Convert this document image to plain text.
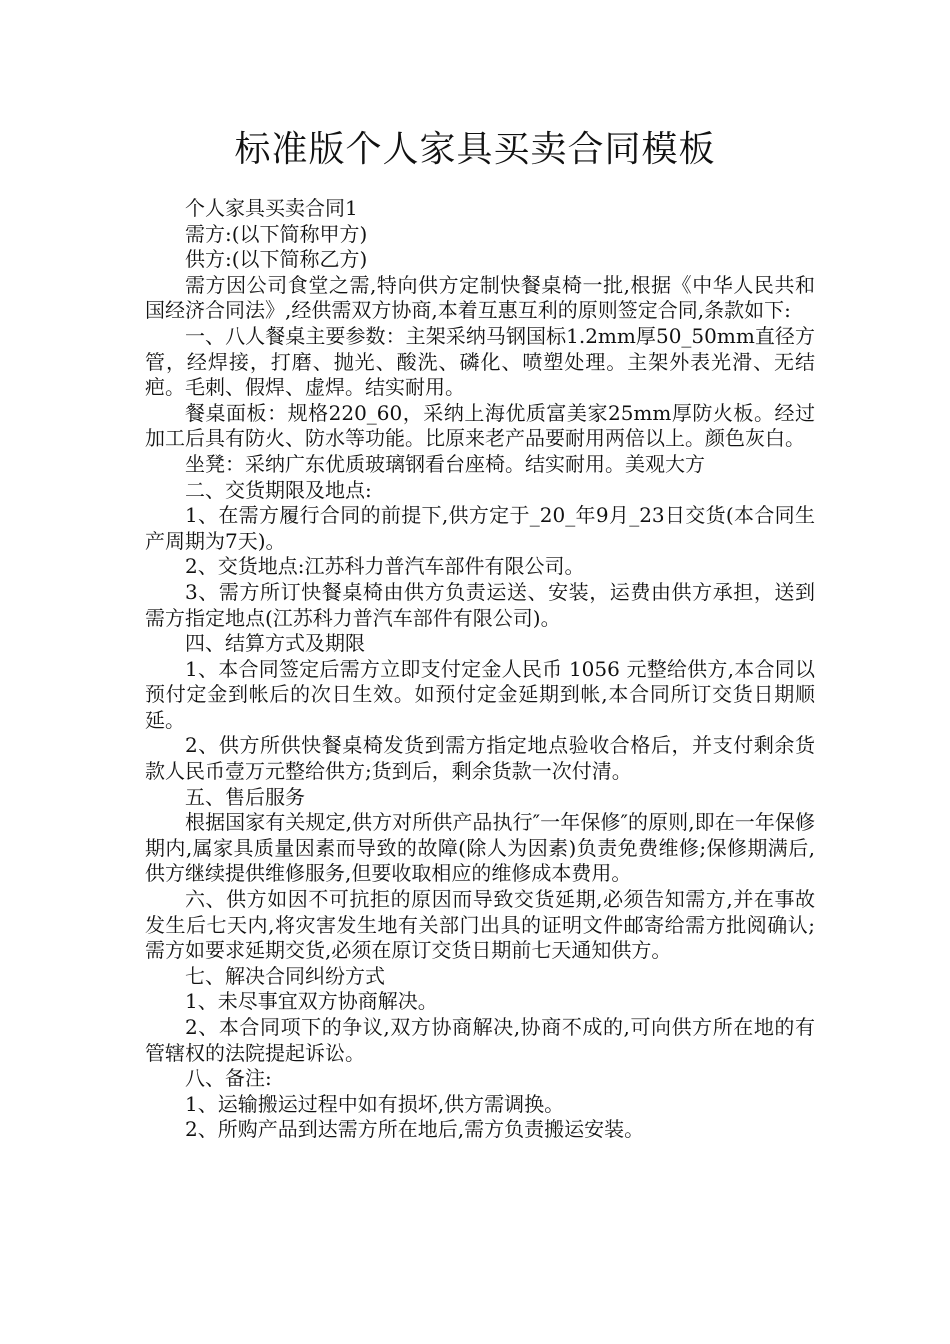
标准版个人家具买卖合同模板

个人家具买卖合同1

需方:(以下简称甲方)

供方:(以下简称乙方)

需方因公司食堂之需,特向供方定制快餐桌椅一批,根据《中华人民共和国经济合同法》,经供需双方协商,本着互惠互利的原则签定合同,条款如下:

一、八人餐桌主要参数：主架采纳马钢国标1.2mm厚50_50mm直径方管，经焊接，打磨、抛光、酸洗、磷化、喷塑处理。主架外表光滑、无结疤。毛刺、假焊、虚焊。结实耐用。

餐桌面板：规格220_60，采纳上海优质富美家25mm厚防火板。经过加工后具有防火、防水等功能。比原来老产品要耐用两倍以上。颜色灰白。

坐凳：采纳广东优质玻璃钢看台座椅。结实耐用。美观大方

二、交货期限及地点:

1、在需方履行合同的前提下,供方定于_20_年9月_23日交货(本合同生产周期为7天)。

2、交货地点:江苏科力普汽车部件有限公司。

3、需方所订快餐桌椅由供方负责运送、安装，运费由供方承担，送到需方指定地点(江苏科力普汽车部件有限公司)。

四、结算方式及期限

1、本合同签定后需方立即支付定金人民币 1056 元整给供方,本合同以预付定金到帐后的次日生效。如预付定金延期到帐,本合同所订交货日期顺延。

2、供方所供快餐桌椅发货到需方指定地点验收合格后，并支付剩余货款人民币壹万元整给供方;货到后，剩余货款一次付清。

五、售后服务

根据国家有关规定,供方对所供产品执行″一年保修″的原则,即在一年保修期内,属家具质量因素而导致的故障(除人为因素)负责免费维修;保修期满后,供方继续提供维修服务,但要收取相应的维修成本费用。

六、供方如因不可抗拒的原因而导致交货延期,必须告知需方,并在事故发生后七天内,将灾害发生地有关部门出具的证明文件邮寄给需方批阅确认;需方如要求延期交货,必须在原订交货日期前七天通知供方。

七、解决合同纠纷方式

1、未尽事宜双方协商解决。

2、本合同项下的争议,双方协商解决,协商不成的,可向供方所在地的有管辖权的法院提起诉讼。

八、备注:

1、运输搬运过程中如有损坏,供方需调换。

2、所购产品到达需方所在地后,需方负责搬运安装。
